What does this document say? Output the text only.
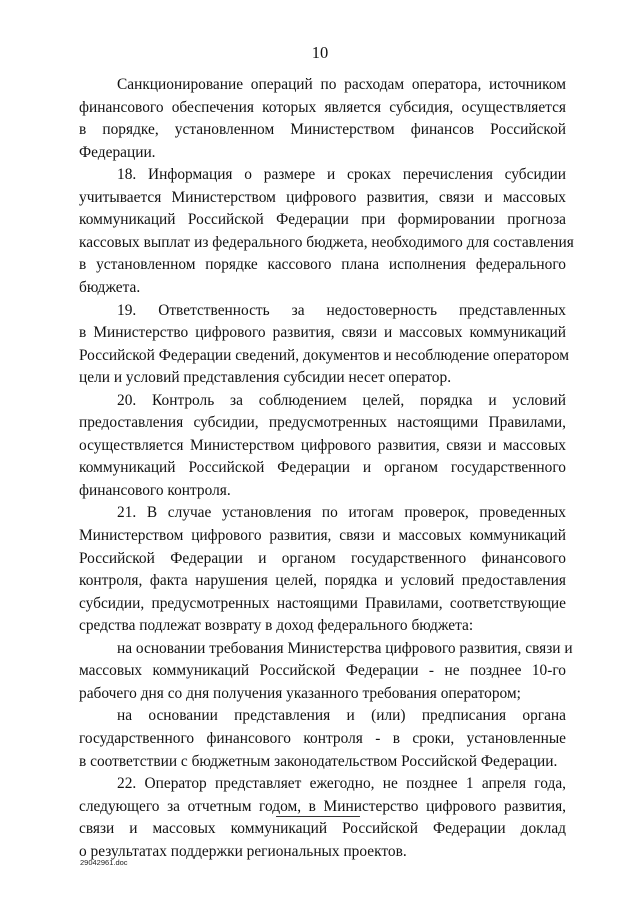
10
Санкционирование операций по расходам оператора, источником
финансового обеспечения которых является субсидия, осуществляется
в порядке, установленном Министерством финансов Российской
Федерации.
18. Информация о размере и сроках перечисления субсидии
учитывается Министерством цифрового развития, связи и массовых
коммуникаций Российской Федерации при формировании прогноза
кассовых выплат из федерального бюджета, необходимого для составления
в установленном порядке кассового плана исполнения федерального
бюджета.
19. Ответственность за недостоверность представленных
в Министерство цифрового развития, связи и массовых коммуникаций
Российской Федерации сведений, документов и несоблюдение оператором
цели и условий представления субсидии несет оператор.
20. Контроль за соблюдением целей, порядка и условий
предоставления субсидии, предусмотренных настоящими Правилами,
осуществляется Министерством цифрового развития, связи и массовых
коммуникаций Российской Федерации и органом государственного
финансового контроля.
21. В случае установления по итогам проверок, проведенных
Министерством цифрового развития, связи и массовых коммуникаций
Российской Федерации и органом государственного финансового
контроля, факта нарушения целей, порядка и условий предоставления
субсидии, предусмотренных настоящими Правилами, соответствующие
средства подлежат возврату в доход федерального бюджета:
на основании требования Министерства цифрового развития, связи и
массовых коммуникаций Российской Федерации - не позднее 10-го
рабочего дня со дня получения указанного требования оператором;
на основании представления и (или) предписания органа
государственного финансового контроля - в сроки, установленные
в соответствии с бюджетным законодательством Российской Федерации.
22. Оператор представляет ежегодно, не позднее 1 апреля года,
следующего за отчетным годом, в Министерство цифрового развития,
связи и массовых коммуникаций Российской Федерации доклад
о результатах поддержки региональных проектов.
29042961.doc
